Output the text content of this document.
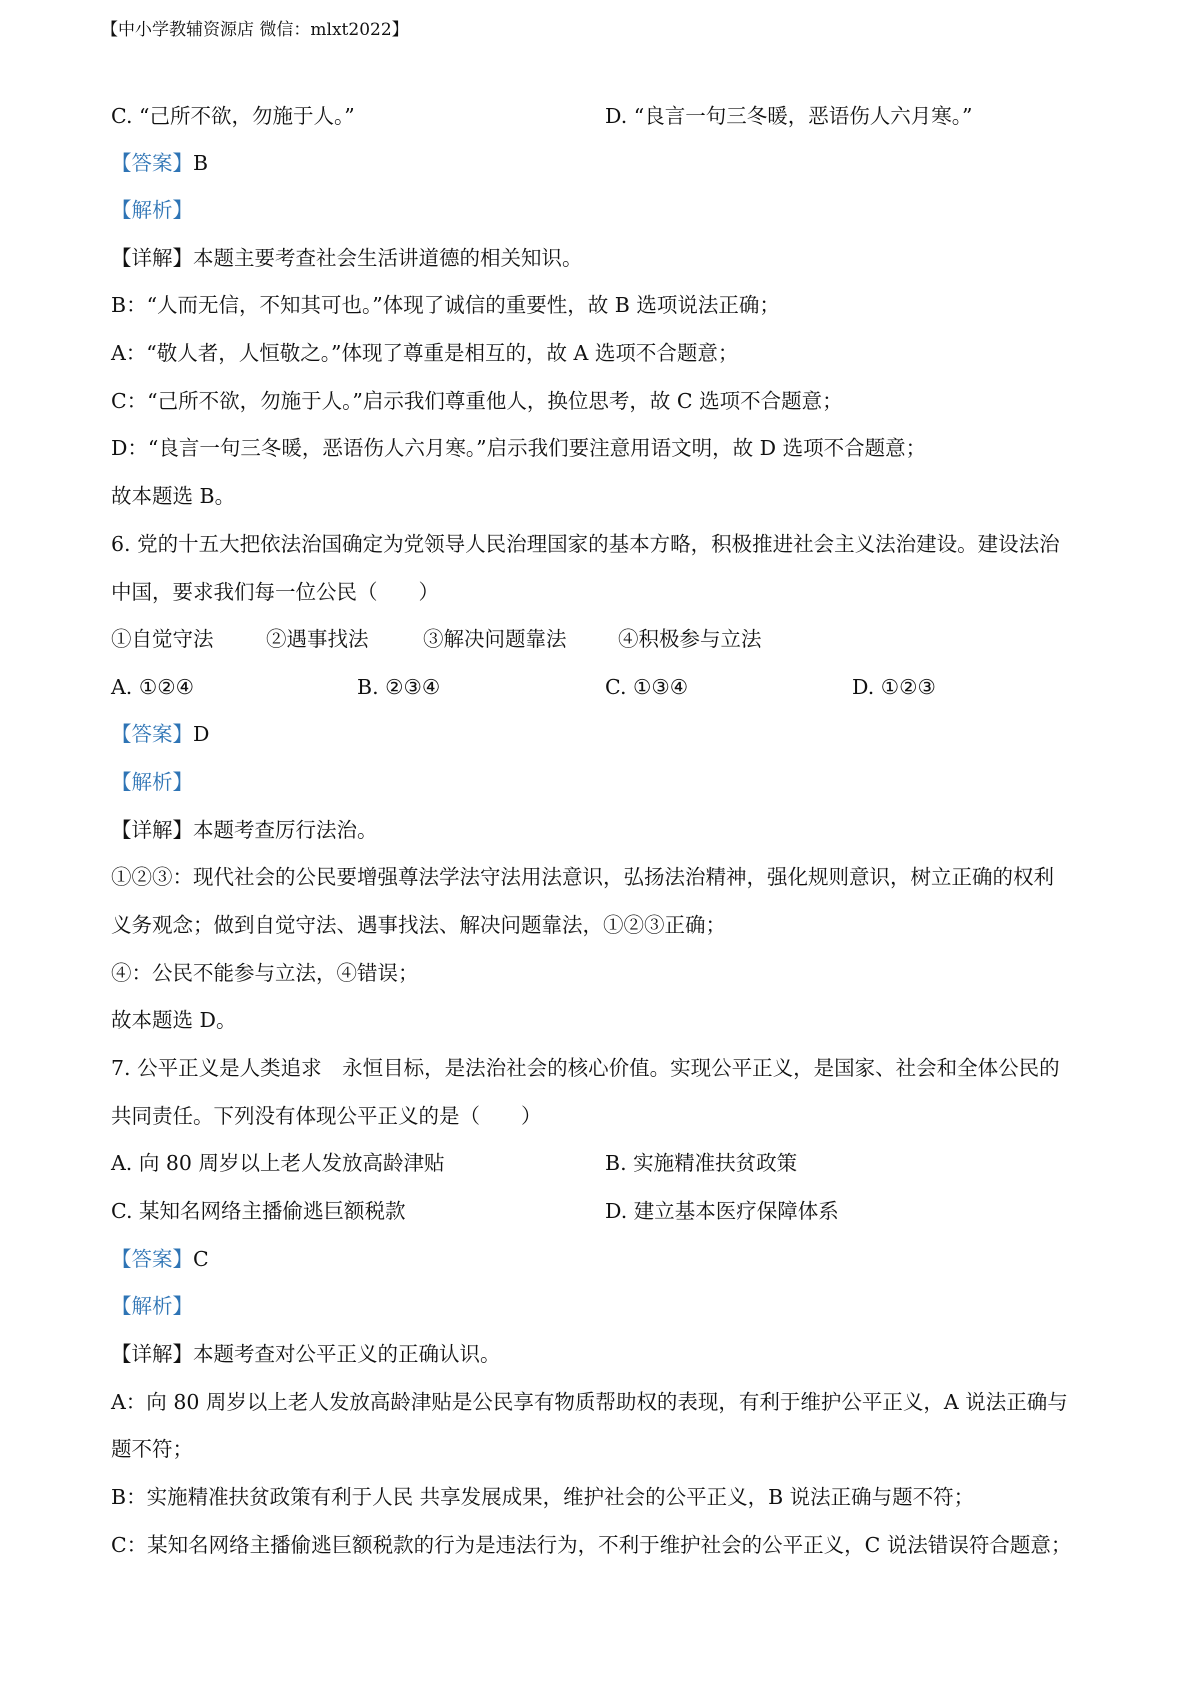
【中小学教辅资源店 微信：mlxt2022】
C. “己所不欲，勿施于人。”	D. “良言一句三冬暖，恶语伤人六月寒。”
【答案】B
【解析】
【详解】本题主要考查社会生活讲道德的相关知识。
B：“人而无信，不知其可也。”体现了诚信的重要性，故 B 选项说法正确；
A：“敬人者，人恒敬之。”体现了尊重是相互的，故 A 选项不合题意；
C：“己所不欲，勿施于人。”启示我们尊重他人，换位思考，故 C 选项不合题意；
D：“良言一句三冬暖，恶语伤人六月寒。”启示我们要注意用语文明，故 D 选项不合题意；
故本题选 B。
6. 党的十五大把依法治国确定为党领导人民治理国家的基本方略，积极推进社会主义法治建设。建设法治
中国，要求我们每一位公民（　　）
①自觉守法	②遇事找法	③解决问题靠法	④积极参与立法
A. ①②④	B. ②③④	C. ①③④	D. ①②③
【答案】D
【解析】
【详解】本题考查厉行法治。
①②③：现代社会的公民要增强尊法学法守法用法意识，弘扬法治精神，强化规则意识，树立正确的权利
义务观念；做到自觉守法、遇事找法、解决问题靠法，①②③正确；
④：公民不能参与立法，④错误；
故本题选 D。
7. 公平正义是人类追求　永恒目标，是法治社会的核心价值。实现公平正义，是国家、社会和全体公民的
共同责任。下列没有体现公平正义的是（　　）
A. 向 80 周岁以上老人发放高龄津贴	B. 实施精准扶贫政策
C. 某知名网络主播偷逃巨额税款	D. 建立基本医疗保障体系
【答案】C
【解析】
【详解】本题考查对公平正义的正确认识。
A：向 80 周岁以上老人发放高龄津贴是公民享有物质帮助权的表现，有利于维护公平正义，A 说法正确与
题不符；
B：实施精准扶贫政策有利于人民 共享发展成果，维护社会的公平正义，B 说法正确与题不符；
C：某知名网络主播偷逃巨额税款的行为是违法行为，不利于维护社会的公平正义，C 说法错误符合题意；
